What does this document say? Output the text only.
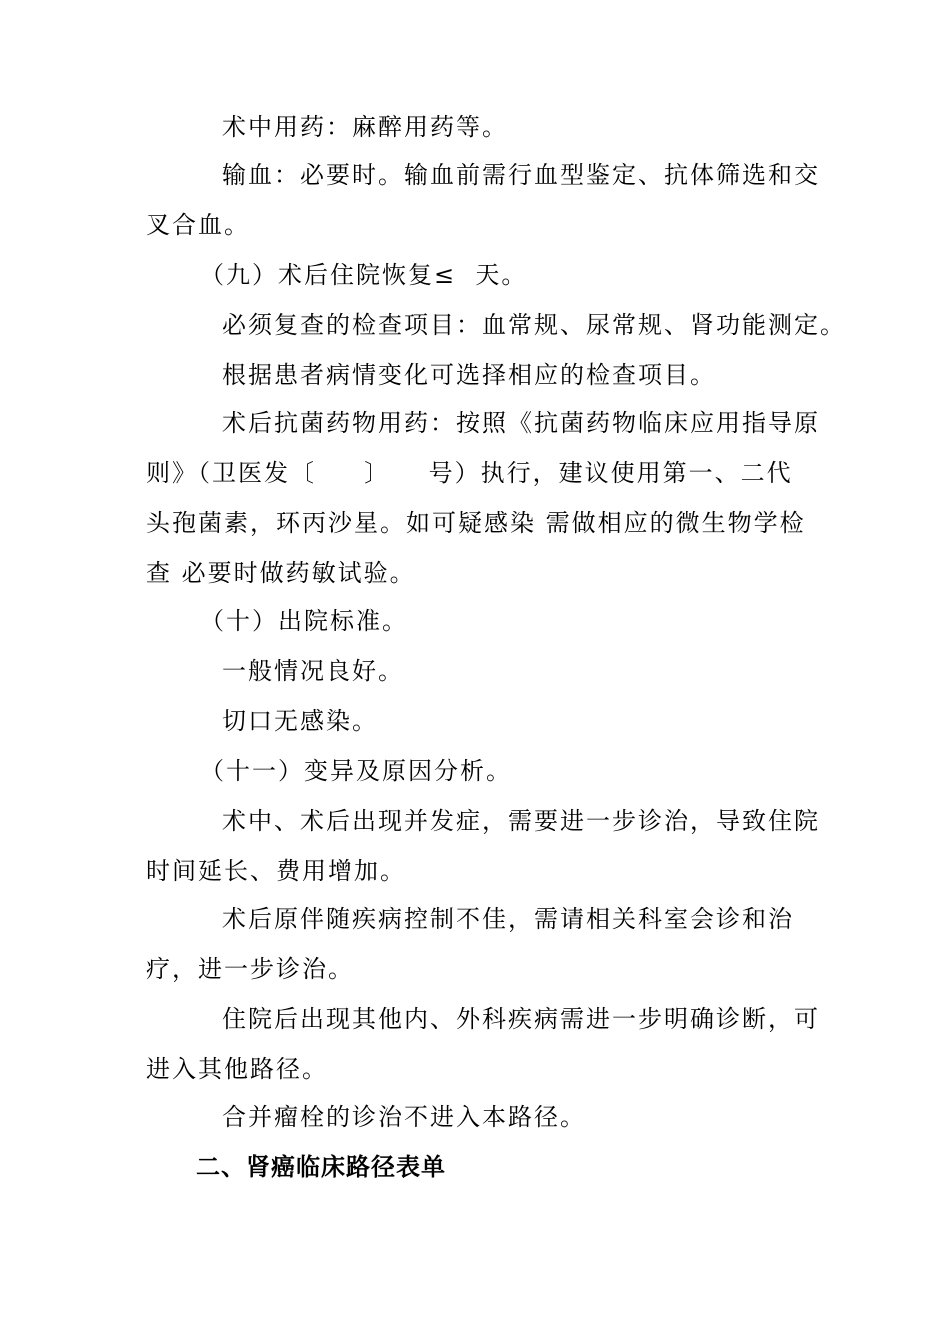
术中用药：麻醉用药等。
输血：必要时。输血前需行血型鉴定、抗体筛选和交
叉合血。
（九）术后住院恢复≤  天。
必须复查的检查项目：血常规、尿常规、肾功能测定。
根据患者病情变化可选择相应的检查项目。
术后抗菌药物用药：按照《抗菌药物临床应用指导原
则》（卫医发〔     〕    号）执行，建议使用第一、二代
头孢菌素，环丙沙星。如可疑感染 需做相应的微生物学检
查 必要时做药敏试验。
（十）出院标准。
一般情况良好。
切口无感染。
（十一）变异及原因分析。
术中、术后出现并发症，需要进一步诊治，导致住院
时间延长、费用增加。
术后原伴随疾病控制不佳，需请相关科室会诊和治
疗，进一步诊治。
住院后出现其他内、外科疾病需进一步明确诊断，可
进入其他路径。
合并瘤栓的诊治不进入本路径。
二、肾癌临床路径表单
